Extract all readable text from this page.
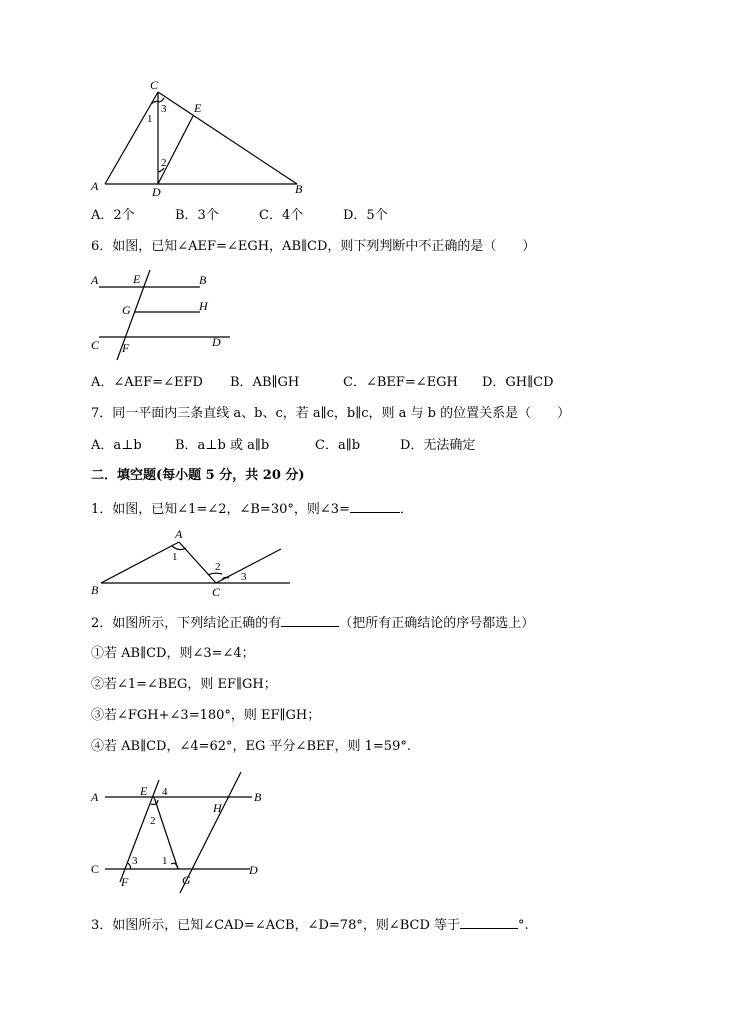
C
E
A	D	B
1
2
3
A．2个	B．3个	C．4个	D．5个
6．如图，已知∠AEF=∠EGH，AB∥CD，则下列判断中不正确的是（　　）
A	E	B
G	H
C F	D
A．∠AEF=∠EFD B．AB∥GH	C．∠BEF=∠EGH D．GH∥CD
7．同一平面内三条直线 a、b、c，若 a∥c，b∥c，则 a 与 b 的位置关系是（　　）
A．a⊥b	B．a⊥b 或 a∥b	C．a∥b	D．无法确定
二．填空题(每小题 5 分，共 20 分)
1．如图，已知∠1=∠2，∠B=30°，则∠3=	．
A
B	C
1
2
3
2．如图所示，下列结论正确的有	（把所有正确结论的序号都选上）
①若 AB∥CD，则∠3=∠4；
②若∠1=∠BEG，则 EF∥GH；
③若∠FGH+∠3=180°，则 EF∥GH；
④若 AB∥CD，∠4=62°，EG 平分∠BEF，则 1=59°.
A	E 4
H
B
2
C
3 1
D
F	G
3．如图所示，已知∠CAD=∠ACB，∠D=78°，则∠BCD 等于	°.
